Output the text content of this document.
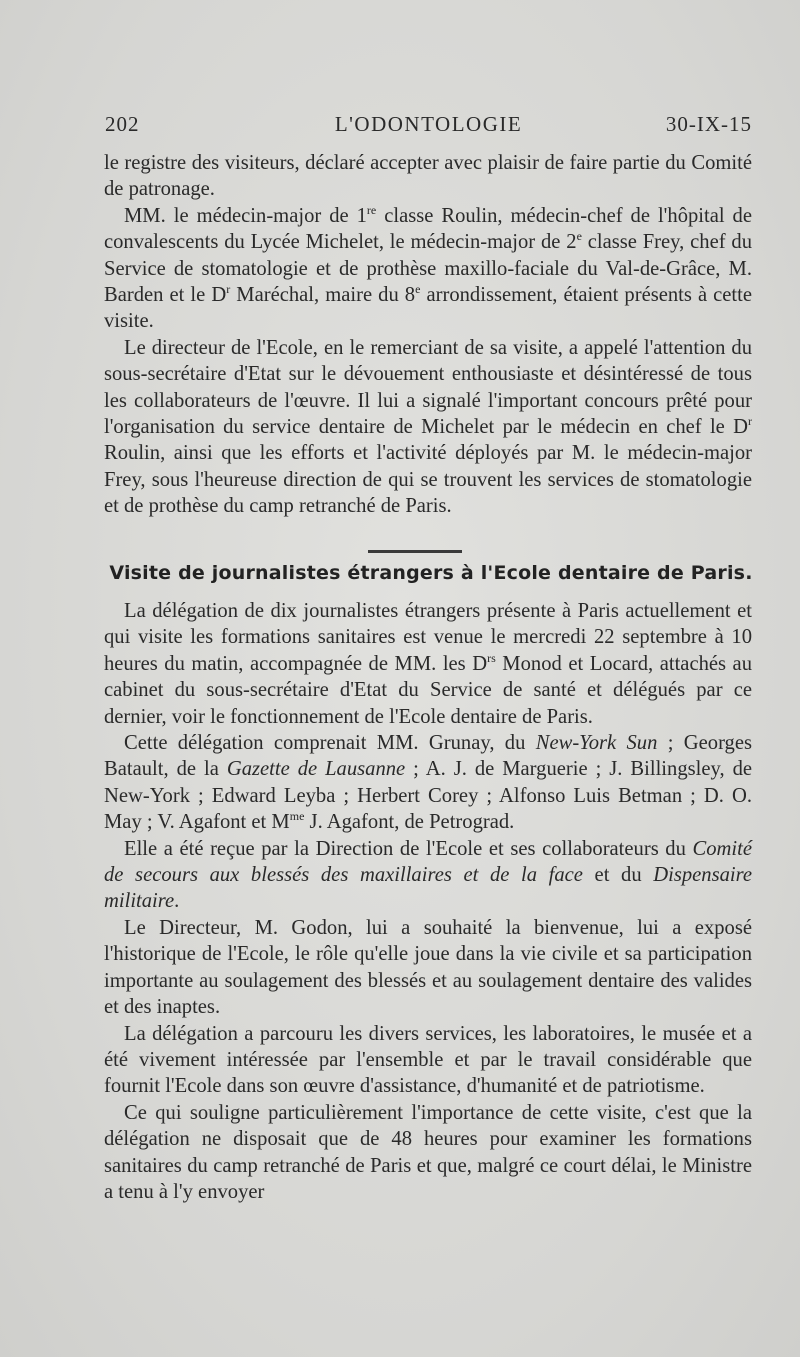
202	L'ODONTOLOGIE	30-IX-15

le registre des visiteurs, déclaré accepter avec plaisir de faire partie du Comité de patronage.

MM. le médecin-major de 1re classe Roulin, médecin-chef de l'hôpital de convalescents du Lycée Michelet, le médecin-major de 2e classe Frey, chef du Service de stomatologie et de prothèse maxillo-faciale du Val-de-Grâce, M. Barden et le $D^r$ Maréchal, maire du 8e arrondissement, étaient présents à cette visite.

Le directeur de l'Ecole, en le remerciant de sa visite, a appelé l'attention du sous-secrétaire d'Etat sur le dévouement enthousiaste et désintéressé de tous les collaborateurs de l'œuvre. Il lui a signalé l'important concours prêté pour l'organisation du service dentaire de Michelet par le médecin en chef le $D^r$ Roulin, ainsi que les efforts et l'activité déployés par M. le médecin-major Frey, sous l'heureuse direction de qui se trouvent les services de stomatologie et de prothèse du camp retranché de Paris.

Visite de journalistes étrangers à l'Ecole dentaire de Paris.

La délégation de dix journalistes étrangers présente à Paris actuellement et qui visite les formations sanitaires est venue le mercredi 22 septembre à 10 heures du matin, accompagnée de MM. les $D^{rs}$ Monod et Locard, attachés au cabinet du sous-secrétaire d'Etat du Service de santé et délégués par ce dernier, voir le fonctionnement de l'Ecole dentaire de Paris.

Cette délégation comprenait MM. Grunay, du New-York Sun ; Georges Batault, de la Gazette de Lausanne ; A. J. de Marguerie ; J. Billingsley, de New-York ; Edward Leyba ; Herbert Corey ; Alfonso Luis Betman ; D. O. May ; V. Agafont et $M^{me}$ J. Agafont, de Petrograd.

Elle a été reçue par la Direction de l'Ecole et ses collaborateurs du Comité de secours aux blessés des maxillaires et de la face et du Dispensaire militaire.

Le Directeur, M. Godon, lui a souhaité la bienvenue, lui a exposé l'historique de l'Ecole, le rôle qu'elle joue dans la vie civile et sa participation importante au soulagement des blessés et au soulagement dentaire des valides et des inaptes.

La délégation a parcouru les divers services, les laboratoires, le musée et a été vivement intéressée par l'ensemble et par le travail considérable que fournit l'Ecole dans son œuvre d'assistance, d'humanité et de patriotisme.

Ce qui souligne particulièrement l'importance de cette visite, c'est que la délégation ne disposait que de 48 heures pour examiner les formations sanitaires du camp retranché de Paris et que, malgré ce court délai, le Ministre a tenu à l'y envoyer
